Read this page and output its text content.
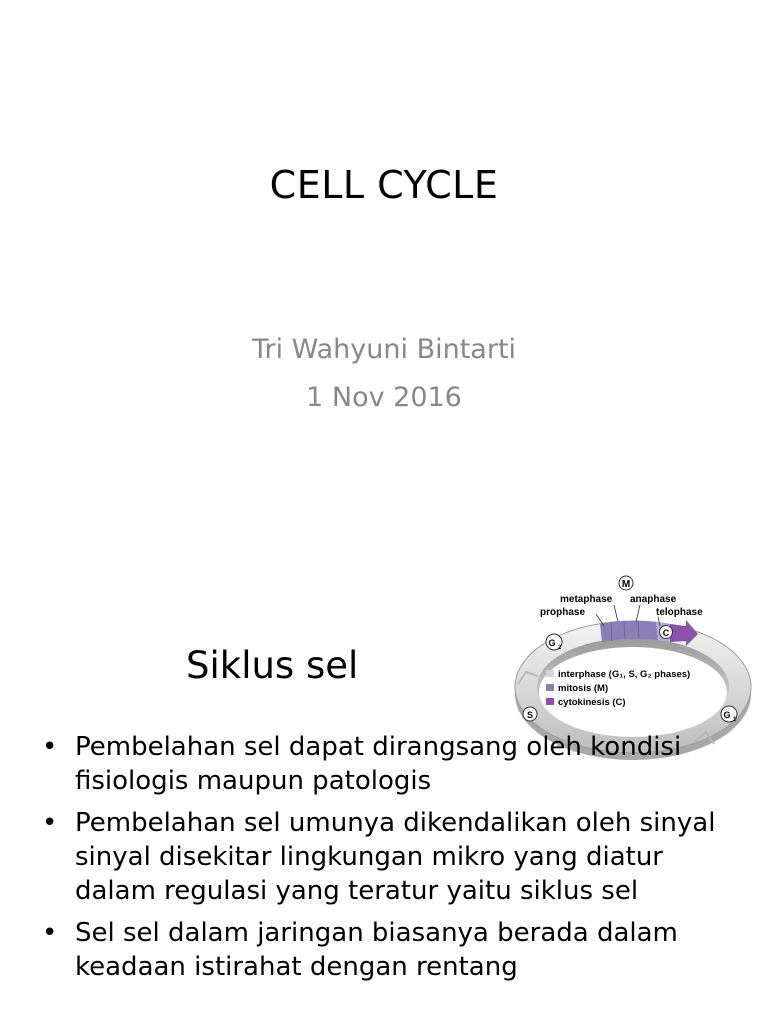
CELL CYCLE
Tri Wahyuni Bintarti
1 Nov 2016
M
metaphase anaphase
prophase	telophase
C
G 2
S	G 1
interphase (G₁, S, G₂ phases)
mitosis (M)
cytokinesis (C)
Siklus sel
• Pembelahan sel dapat dirangsang oleh kondisi fisiologis maupun patologis
• Pembelahan sel umunya dikendalikan oleh sinyal sinyal disekitar lingkungan mikro yang diatur dalam regulasi yang teratur yaitu siklus sel
• Sel sel dalam jaringan biasanya berada dalam keadaan istirahat dengan rentang
